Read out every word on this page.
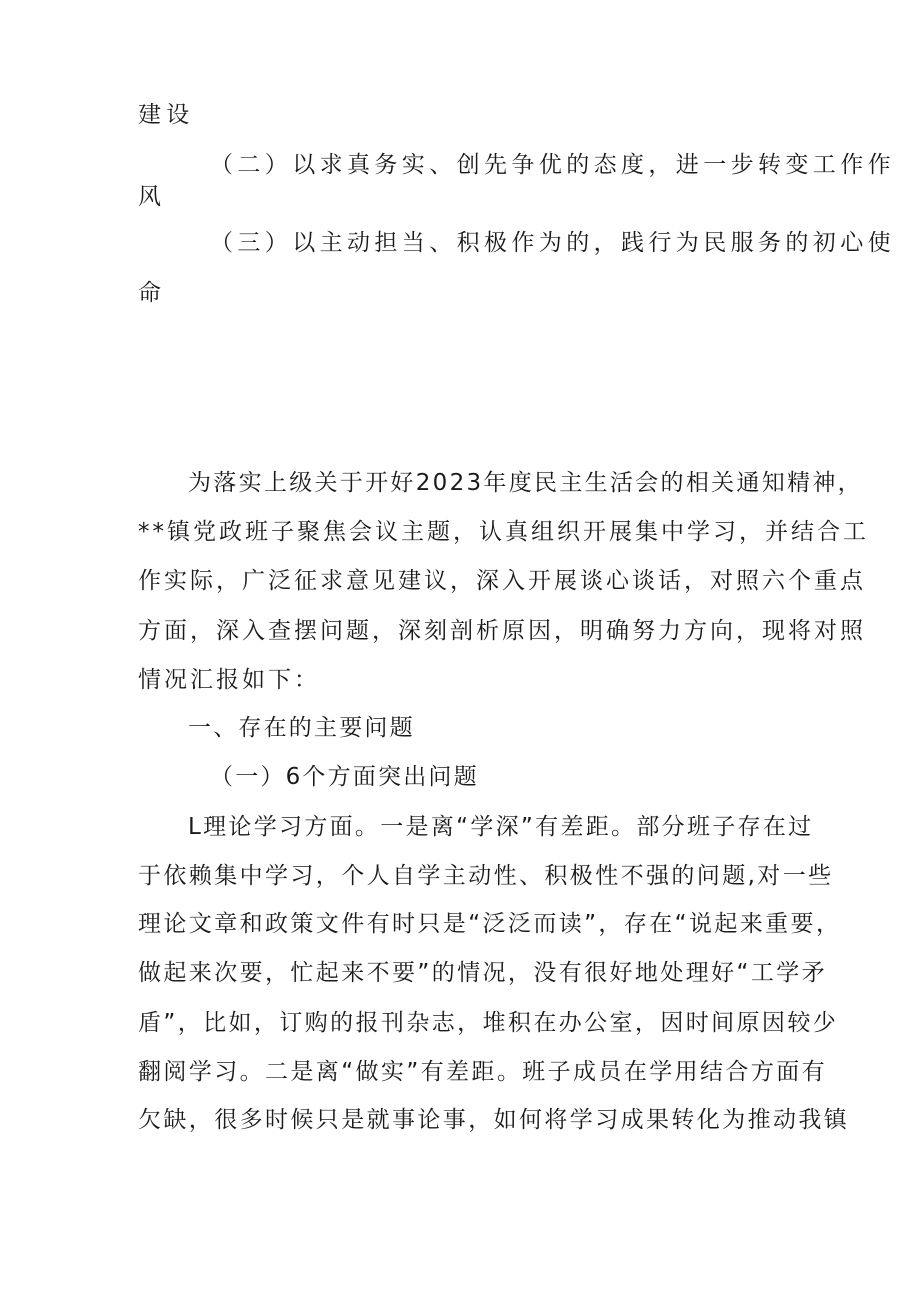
建设
（二）以求真务实、创先争优的态度，进一步转变工作作
风
（三）以主动担当、积极作为的，践行为民服务的初心使
命
为落实上级关于开好2023年度民主生活会的相关通知精神，
**镇党政班子聚焦会议主题，认真组织开展集中学习，并结合工
作实际，广泛征求意见建议，深入开展谈心谈话，对照六个重点
方面，深入查摆问题，深刻剖析原因，明确努力方向，现将对照
情况汇报如下：
一、存在的主要问题
（一）6个方面突出问题
L理论学习方面。一是离“学深”有差距。部分班子存在过
于依赖集中学习，个人自学主动性、积极性不强的问题,对一些
理论文章和政策文件有时只是“泛泛而读”，存在“说起来重要，
做起来次要，忙起来不要”的情况，没有很好地处理好“工学矛
盾”，比如，订购的报刊杂志，堆积在办公室，因时间原因较少
翻阅学习。二是离“做实”有差距。班子成员在学用结合方面有
欠缺，很多时候只是就事论事，如何将学习成果转化为推动我镇
